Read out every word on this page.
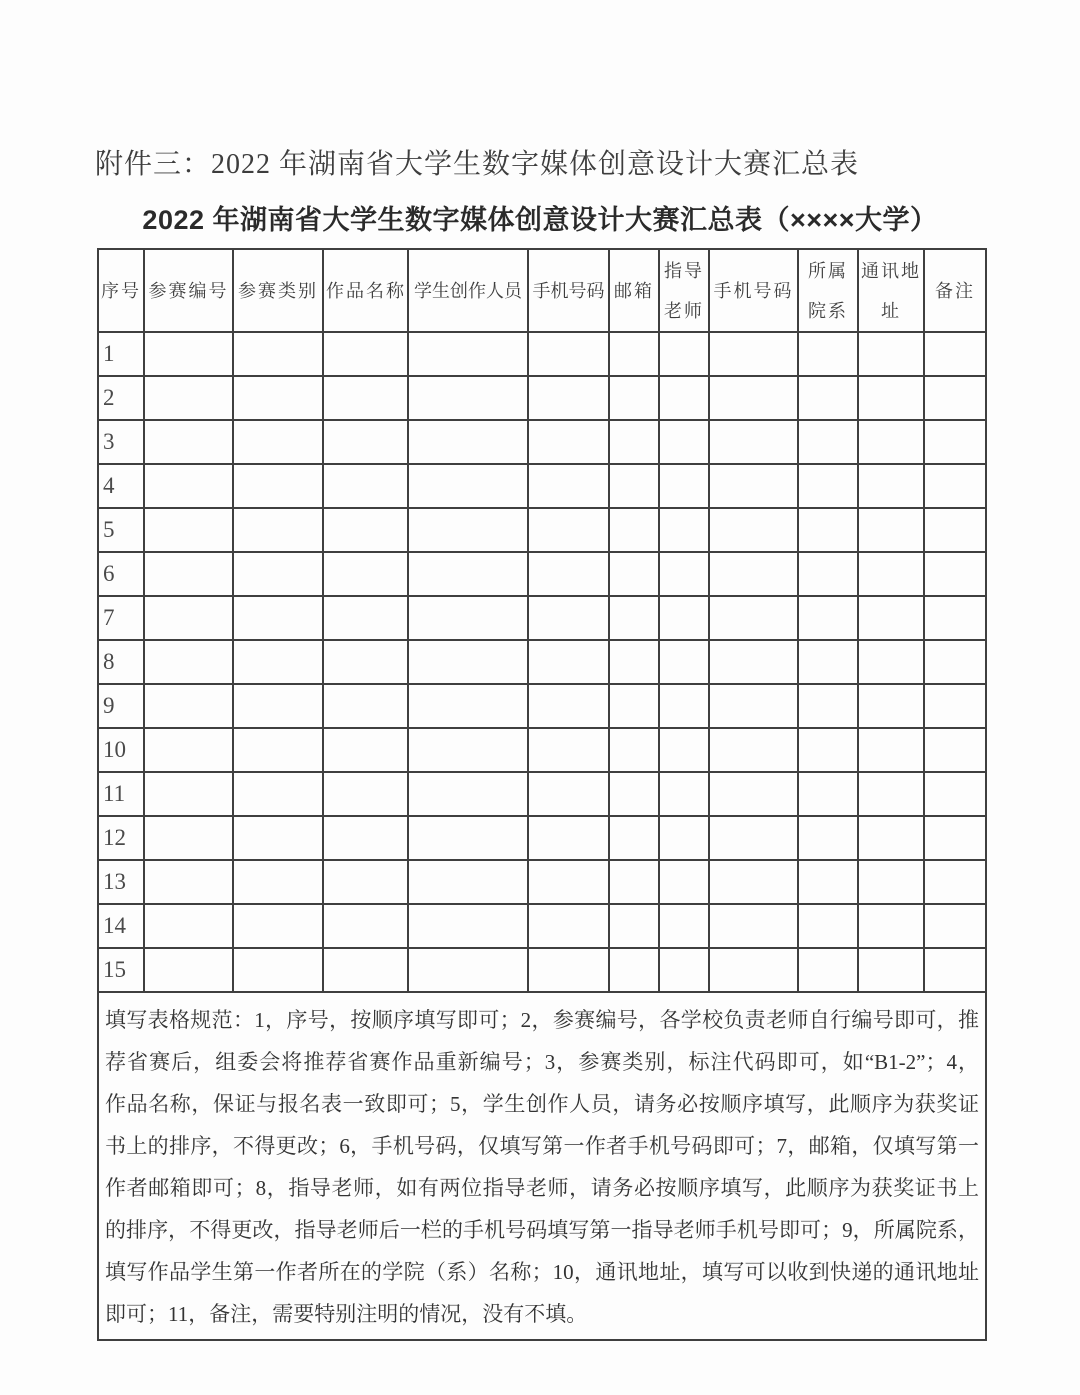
附件三：2022 年湖南省大学生数字媒体创意设计大赛汇总表
2022 年湖南省大学生数字媒体创意设计大赛汇总表（××××大学）
序号	参赛编号	参赛类别	作品名称	学生创作人员	手机号码	邮箱	指导老师	手机号码	所属院系	通讯地址	备注
1											
2											
3											
4											
5											
6											
7											
8											
9											
10											
11											
12											
13											
14											
15											

填写表格规范：1，序号，按顺序填写即可；2，参赛编号，各学校负责老师自行编号即可，推
荐省赛后，组委会将推荐省赛作品重新编号；3，参赛类别，标注代码即可，如“B1-2”；4，
作品名称，保证与报名表一致即可；5，学生创作人员，请务必按顺序填写，此顺序为获奖证
书上的排序，不得更改；6，手机号码，仅填写第一作者手机号码即可；7，邮箱，仅填写第一
作者邮箱即可；8，指导老师，如有两位指导老师，请务必按顺序填写，此顺序为获奖证书上
的排序，不得更改，指导老师后一栏的手机号码填写第一指导老师手机号即可；9，所属院系，
填写作品学生第一作者所在的学院（系）名称；10，通讯地址，填写可以收到快递的通讯地址
即可；11，备注，需要特别注明的情况，没有不填。
